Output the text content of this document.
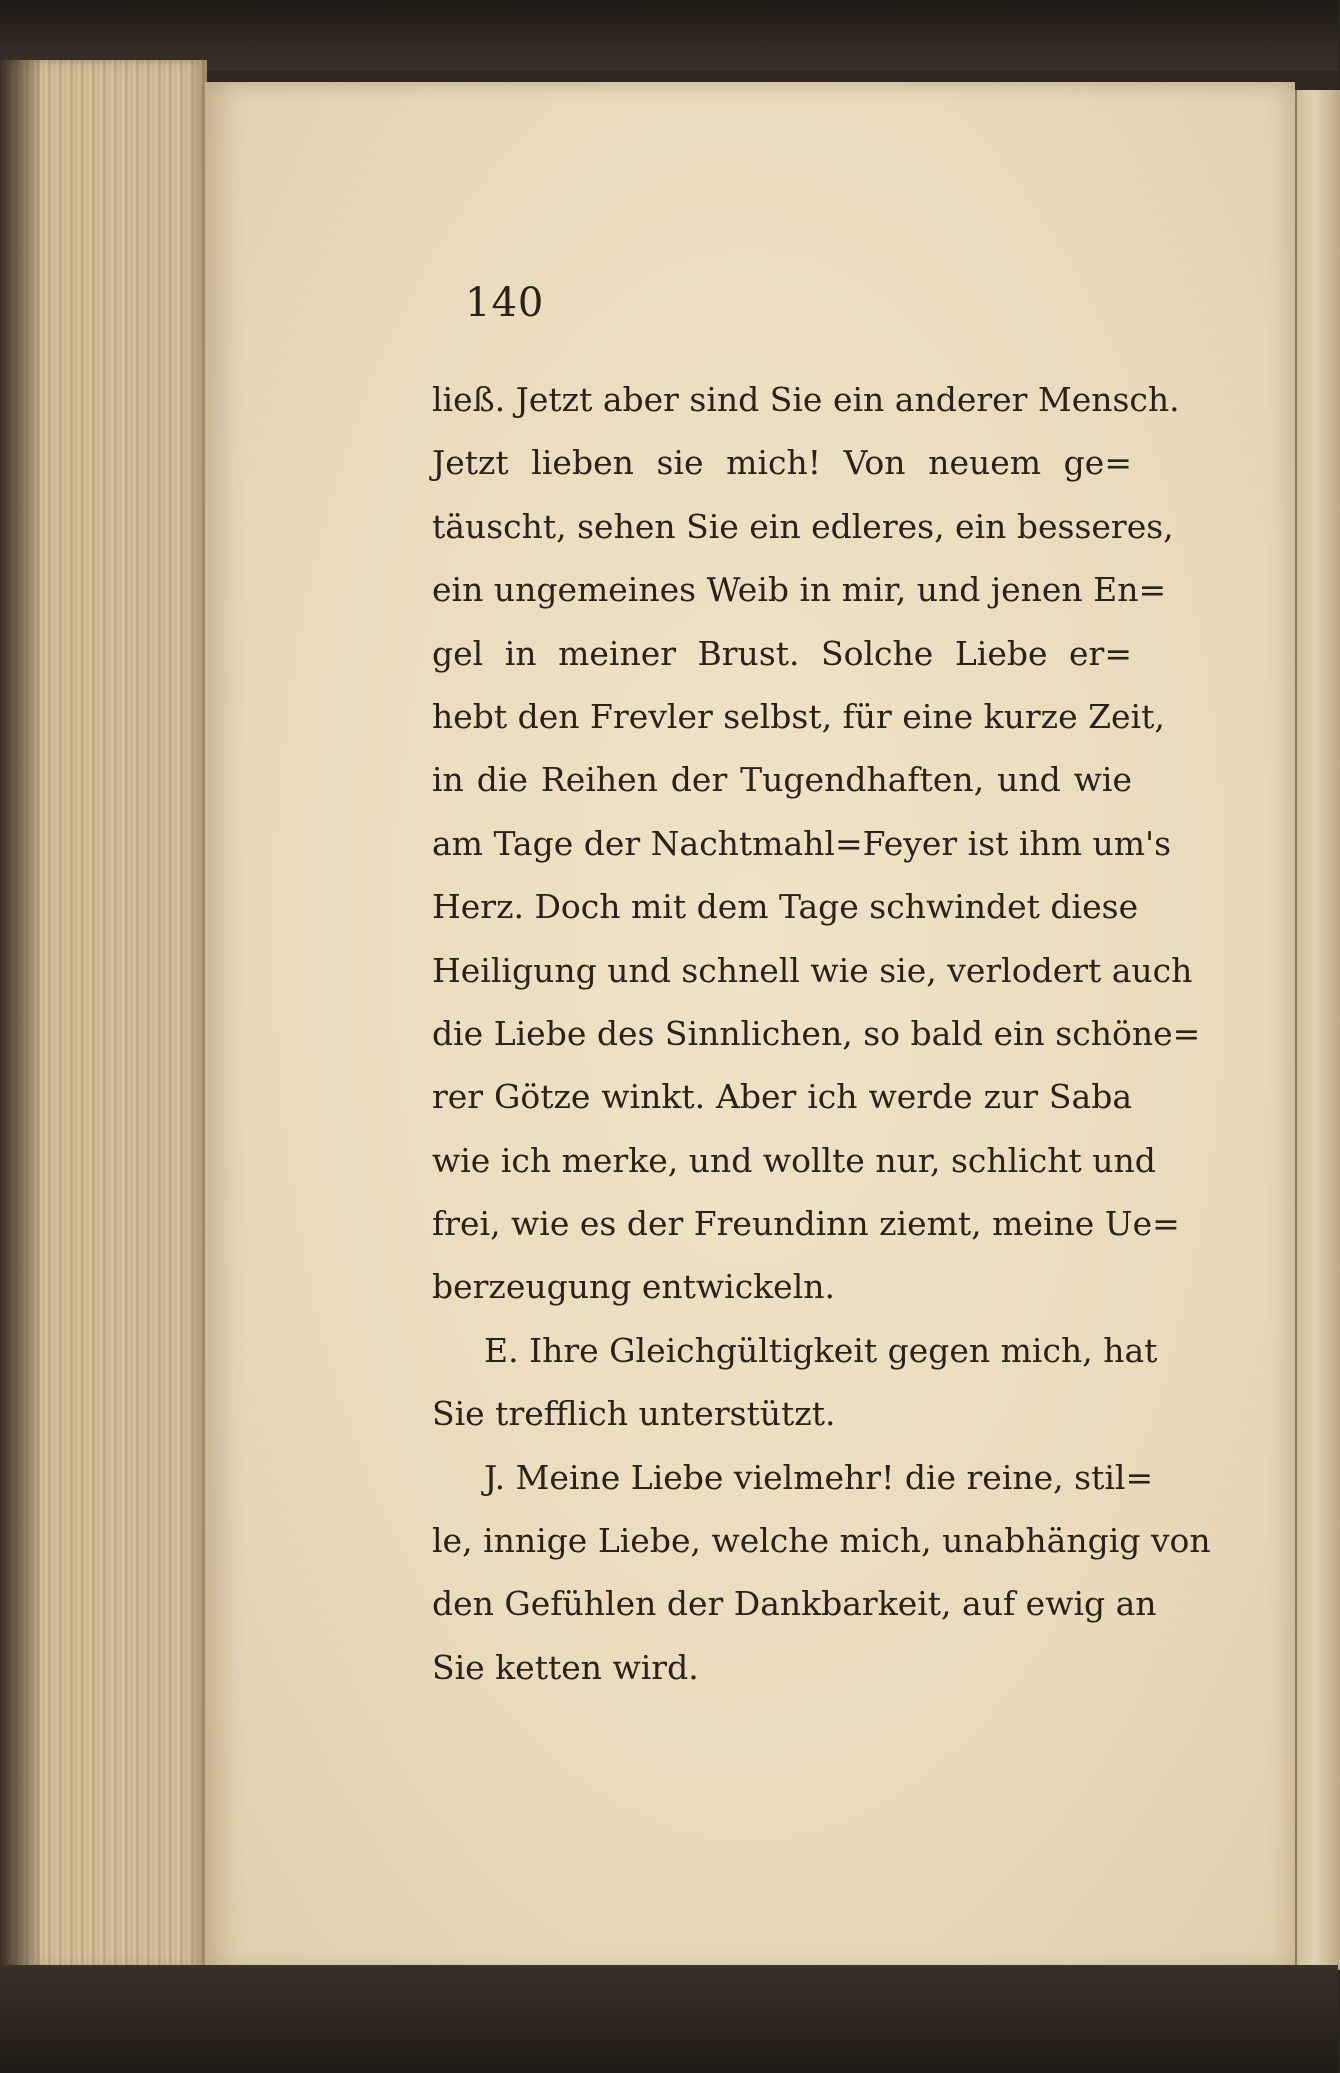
140
ließ. Jetzt aber sind Sie ein anderer Mensch.
Jetzt lieben sie mich! Von neuem ge=
täuscht, sehen Sie ein edleres, ein besseres,
ein ungemeines Weib in mir, und jenen En=
gel in meiner Brust. Solche Liebe er=
hebt den Frevler selbst, für eine kurze Zeit,
in die Reihen der Tugendhaften, und wie
am Tage der Nachtmahl=Feyer ist ihm um's
Herz. Doch mit dem Tage schwindet diese
Heiligung und schnell wie sie, verlodert auch
die Liebe des Sinnlichen, so bald ein schöne=
rer Götze winkt. Aber ich werde zur Saba
wie ich merke, und wollte nur, schlicht und
frei, wie es der Freundinn ziemt, meine Ue=
berzeugung entwickeln.
E. Ihre Gleichgültigkeit gegen mich, hat
Sie trefflich unterstützt.
J. Meine Liebe vielmehr! die reine, stil=
le, innige Liebe, welche mich, unabhängig von
den Gefühlen der Dankbarkeit, auf ewig an
Sie ketten wird.
